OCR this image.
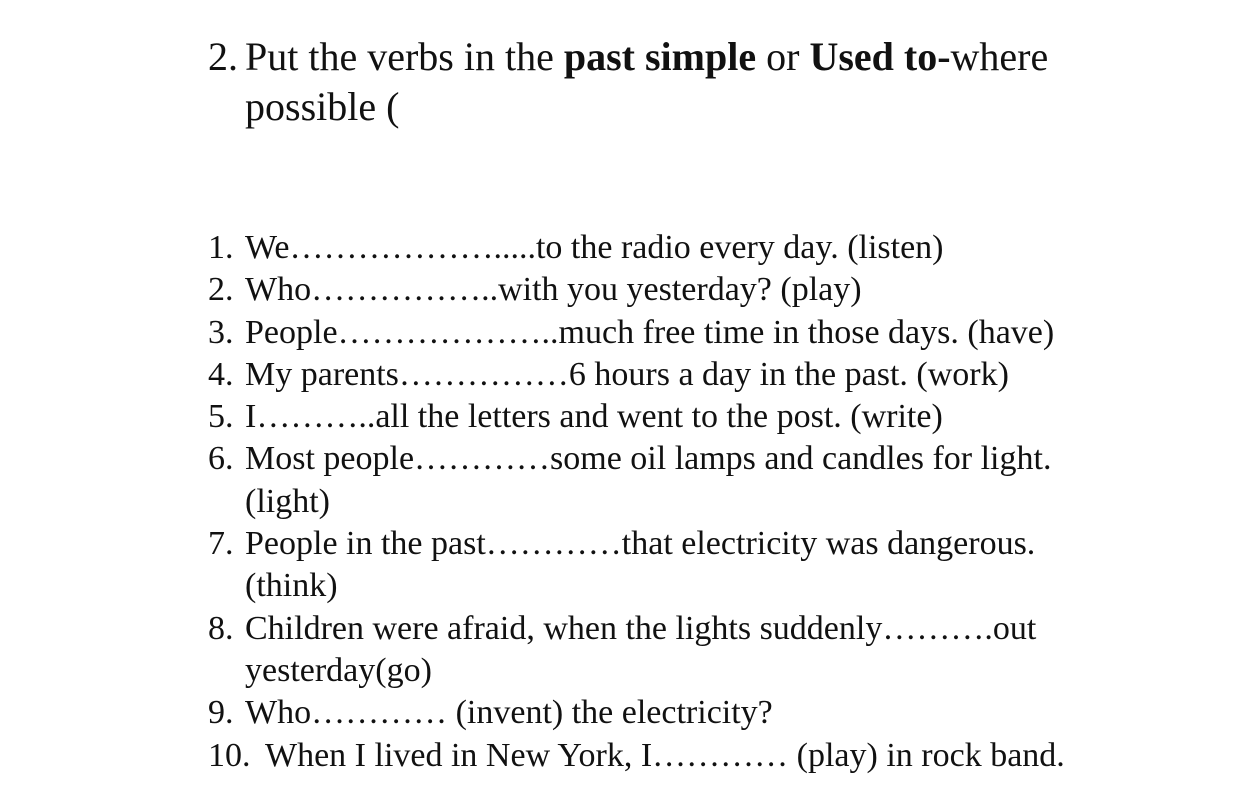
2. Put the verbs in the past simple or Used to-where
possible (
1. We……………….....to the radio every day. (listen)
2. Who……………..with you yesterday? (play)
3. People………………..much free time in those days. (have)
4. My parents……………6 hours a day in the past. (work)
5. I………..all the letters and went to the post. (write)
6. Most people…………some oil lamps and candles for light.
(light)
7. People in the past…………that electricity was dangerous.
(think)
8. Children were afraid, when the lights suddenly……….out
yesterday(go)
9. Who………… (invent) the electricity?
10. When I lived in New York, I………… (play) in rock band.
